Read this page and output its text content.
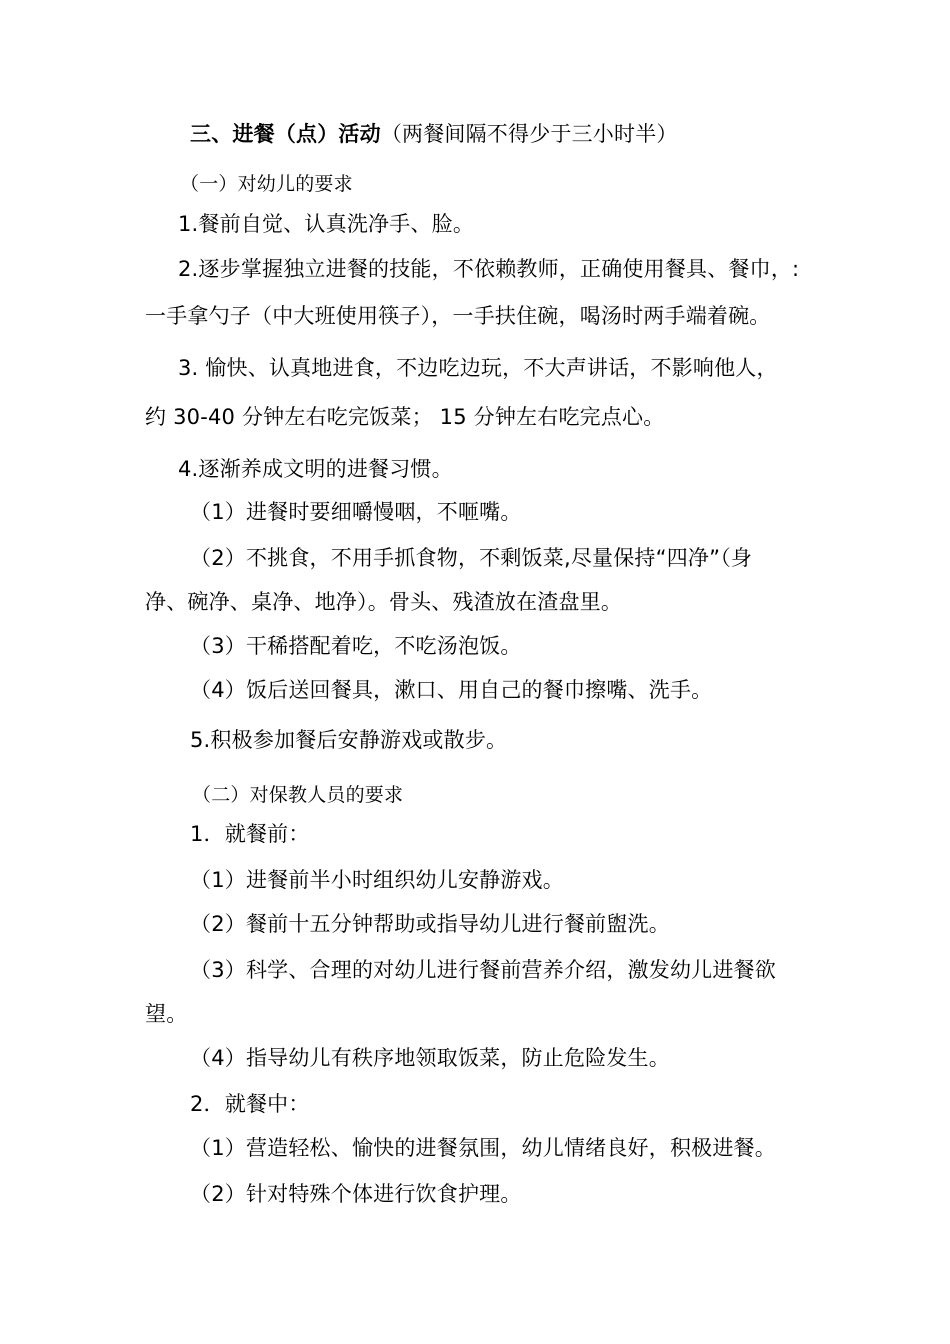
三、进餐（点）活动（两餐间隔不得少于三小时半）
（一）对幼儿的要求
1.餐前自觉、认真洗净手、脸。
2.逐步掌握独立进餐的技能，不依赖教师，正确使用餐具、餐巾，:
一手拿勺子（中大班使用筷子），一手扶住碗，喝汤时两手端着碗。
3. 愉快、认真地进食，不边吃边玩，不大声讲话，不影响他人，
约 30-40 分钟左右吃完饭菜； 15 分钟左右吃完点心。
4.逐渐养成文明的进餐习惯。
（1）进餐时要细嚼慢咽，不咂嘴。
（2）不挑食，不用手抓食物，不剩饭菜,尽量保持“四净”（身
净、碗净、桌净、地净）。骨头、残渣放在渣盘里。
（3）干稀搭配着吃，不吃汤泡饭。
（4）饭后送回餐具，漱口、用自己的餐巾擦嘴、洗手。
5.积极参加餐后安静游戏或散步。
（二）对保教人员的要求
1．就餐前：
（1）进餐前半小时组织幼儿安静游戏。
（2）餐前十五分钟帮助或指导幼儿进行餐前盥洗。
（3）科学、合理的对幼儿进行餐前营养介绍，激发幼儿进餐欲
望。
（4）指导幼儿有秩序地领取饭菜，防止危险发生。
2．就餐中：
（1）营造轻松、愉快的进餐氛围，幼儿情绪良好，积极进餐。
（2）针对特殊个体进行饮食护理。
